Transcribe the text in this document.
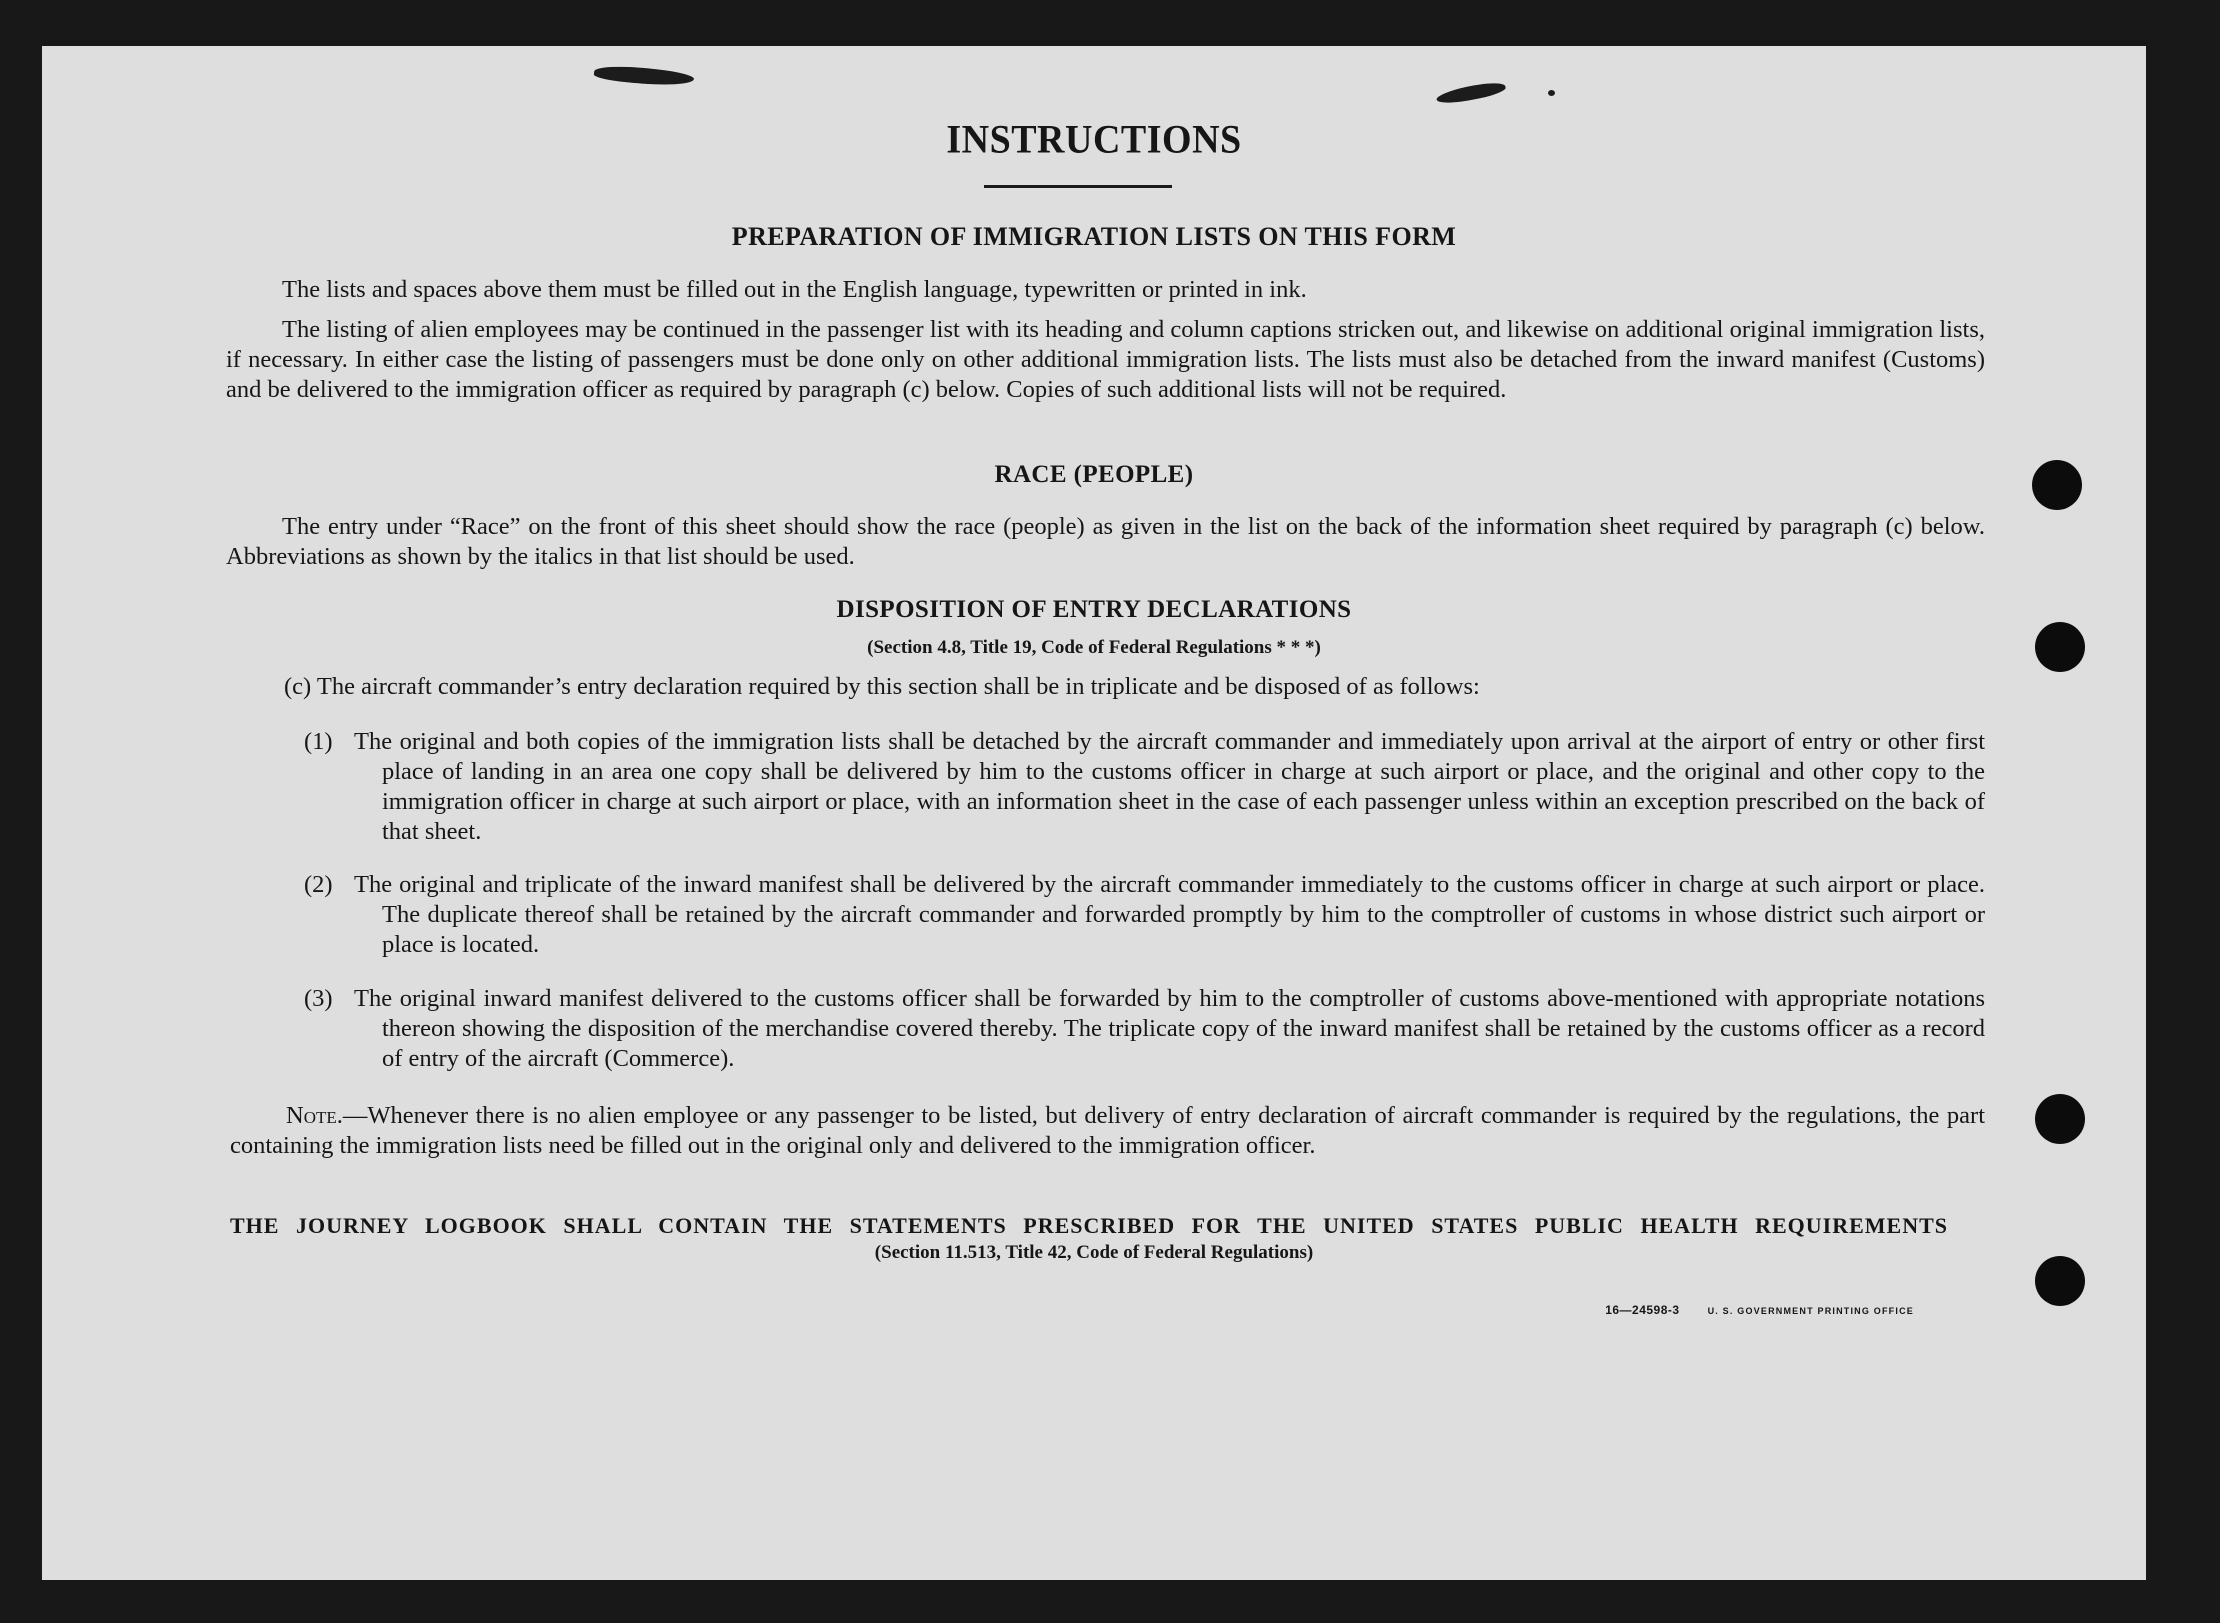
INSTRUCTIONS
PREPARATION OF IMMIGRATION LISTS ON THIS FORM

The lists and spaces above them must be filled out in the English language, typewritten or printed in ink.

The listing of alien employees may be continued in the passenger list with its heading and column captions stricken out, and likewise on additional original immigration lists, if necessary. In either case the listing of passengers must be done only on other additional immigration lists. The lists must also be detached from the inward manifest (Customs) and be delivered to the immigration officer as required by paragraph (c) below. Copies of such additional lists will not be required.

RACE (PEOPLE)
The entry under “Race” on the front of this sheet should show the race (people) as given in the list on the back of the information sheet required by paragraph (c) below. Abbreviations as shown by the italics in that list should be used.
DISPOSITION OF ENTRY DECLARATIONS
(Section 4.8, Title 19, Code of Federal Regulations * * *)
(c) The aircraft commander’s entry declaration required by this section shall be in triplicate and be disposed of as follows:
(1) The original and both copies of the immigration lists shall be detached by the aircraft commander and immediately upon arrival at the airport of entry or other first place of landing in an area one copy shall be delivered by him to the customs officer in charge at such airport or place, and the original and other copy to the immigration officer in charge at such airport or place, with an information sheet in the case of each passenger unless within an exception prescribed on the back of that sheet.
(2) The original and triplicate of the inward manifest shall be delivered by the aircraft commander immediately to the customs officer in charge at such airport or place. The duplicate thereof shall be retained by the aircraft commander and forwarded promptly by him to the comptroller of customs in whose district such airport or place is located.
(3) The original inward manifest delivered to the customs officer shall be forwarded by him to the comptroller of customs above-mentioned with appropriate notations thereon showing the disposition of the merchandise covered thereby. The triplicate copy of the inward manifest shall be retained by the customs officer as a record of entry of the aircraft (Commerce).
Note.—Whenever there is no alien employee or any passenger to be listed, but delivery of entry declaration of aircraft commander is required by the regulations, the part containing the immigration lists need be filled out in the original only and delivered to the immigration officer.
THE JOURNEY LOGBOOK SHALL CONTAIN THE STATEMENTS PRESCRIBED FOR THE UNITED STATES PUBLIC HEALTH REQUIREMENTS
(Section 11.513, Title 42, Code of Federal Regulations)
16—24598-3	U. S. GOVERNMENT PRINTING OFFICE
